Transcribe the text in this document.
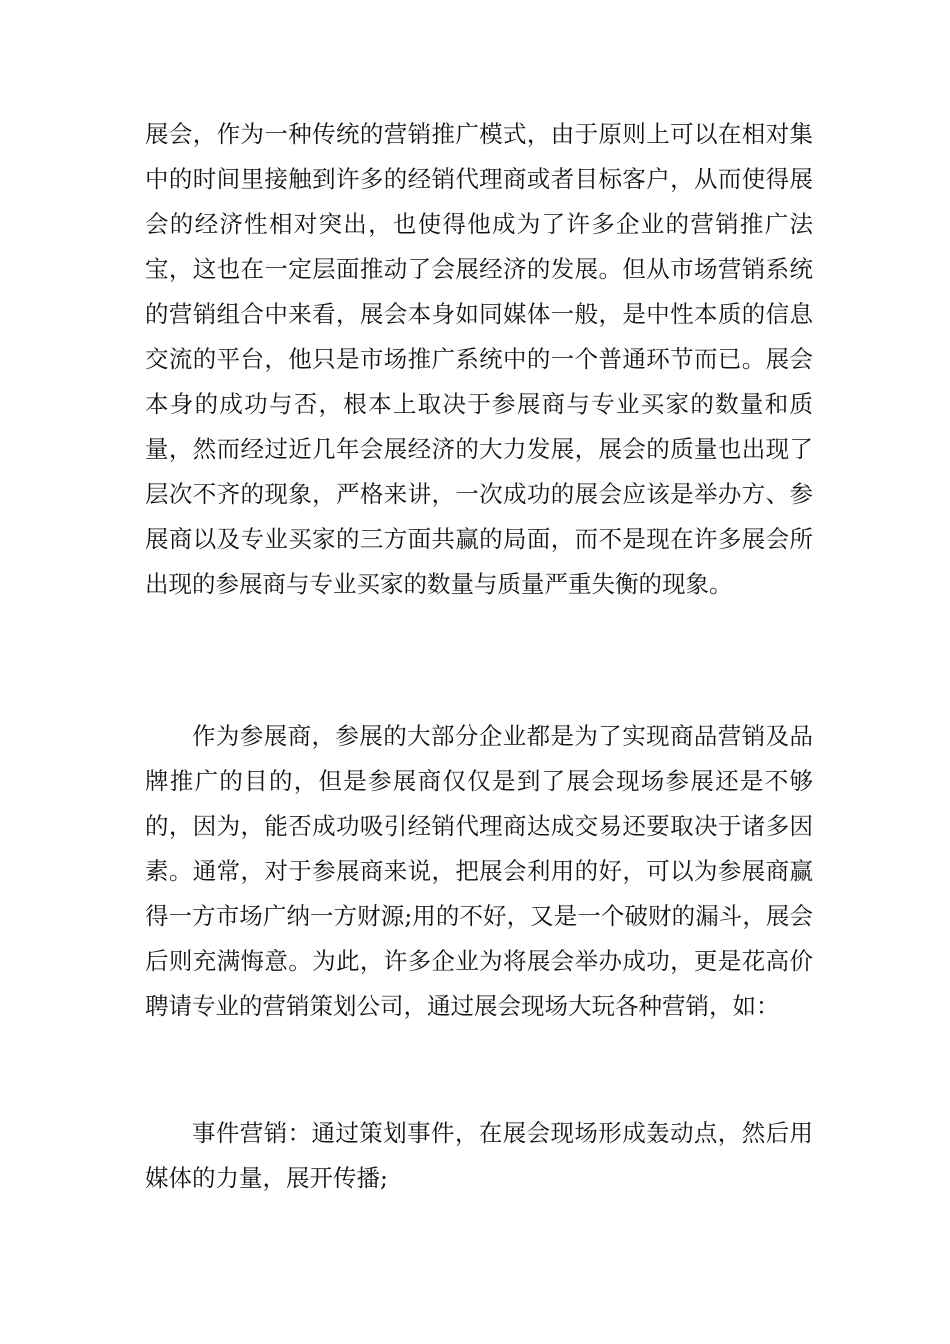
展会，作为一种传统的营销推广模式，由于原则上可以在相对集中的时间里接触到许多的经销代理商或者目标客户，从而使得展会的经济性相对突出，也使得他成为了许多企业的营销推广法宝，这也在一定层面推动了会展经济的发展。但从市场营销系统的营销组合中来看，展会本身如同媒体一般，是中性本质的信息交流的平台，他只是市场推广系统中的一个普通环节而已。展会本身的成功与否，根本上取决于参展商与专业买家的数量和质量，然而经过近几年会展经济的大力发展，展会的质量也出现了层次不齐的现象，严格来讲，一次成功的展会应该是举办方、参展商以及专业买家的三方面共赢的局面，而不是现在许多展会所出现的参展商与专业买家的数量与质量严重失衡的现象。

作为参展商，参展的大部分企业都是为了实现商品营销及品牌推广的目的，但是参展商仅仅是到了展会现场参展还是不够的，因为，能否成功吸引经销代理商达成交易还要取决于诸多因素。通常，对于参展商来说，把展会利用的好，可以为参展商赢得一方市场广纳一方财源;用的不好，又是一个破财的漏斗，展会后则充满悔意。为此，许多企业为将展会举办成功，更是花高价聘请专业的营销策划公司，通过展会现场大玩各种营销，如：

事件营销：通过策划事件，在展会现场形成轰动点，然后用媒体的力量，展开传播;
